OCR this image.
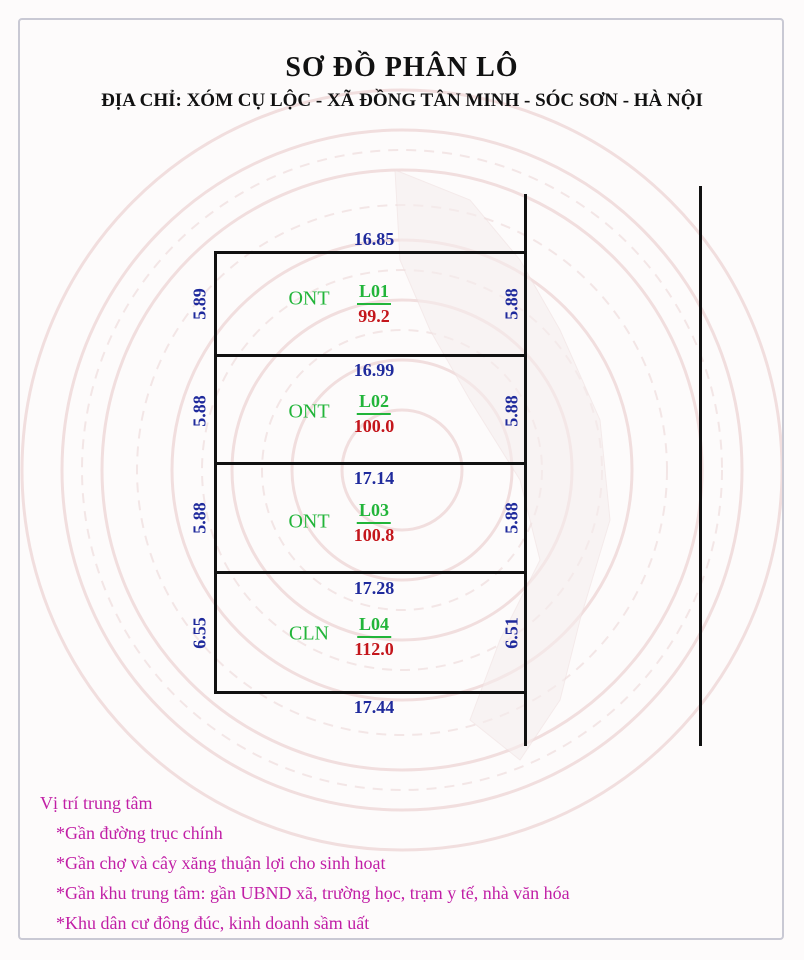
SƠ ĐỒ PHÂN LÔ
ĐỊA CHỈ: XÓM CỤ LỘC - XÃ ĐỒNG TÂN MINH - SÓC SƠN - HÀ NỘI
16.85
16.99
17.14
17.28
17.44
5.89	5.88
ONT L01
99.2
5.88	5.88
ONT L02
100.0
5.88	5.88
ONT
L03
100.8
6.55	6.51
CLN L04
112.0
Vị trí trung tâm
*Gần đường trục chính
*Gần chợ và cây xăng thuận lợi cho sinh hoạt
*Gần khu trung tâm: gần UBND xã, trường học, trạm y tế, nhà văn hóa
*Khu dân cư đông đúc, kinh doanh sầm uất
